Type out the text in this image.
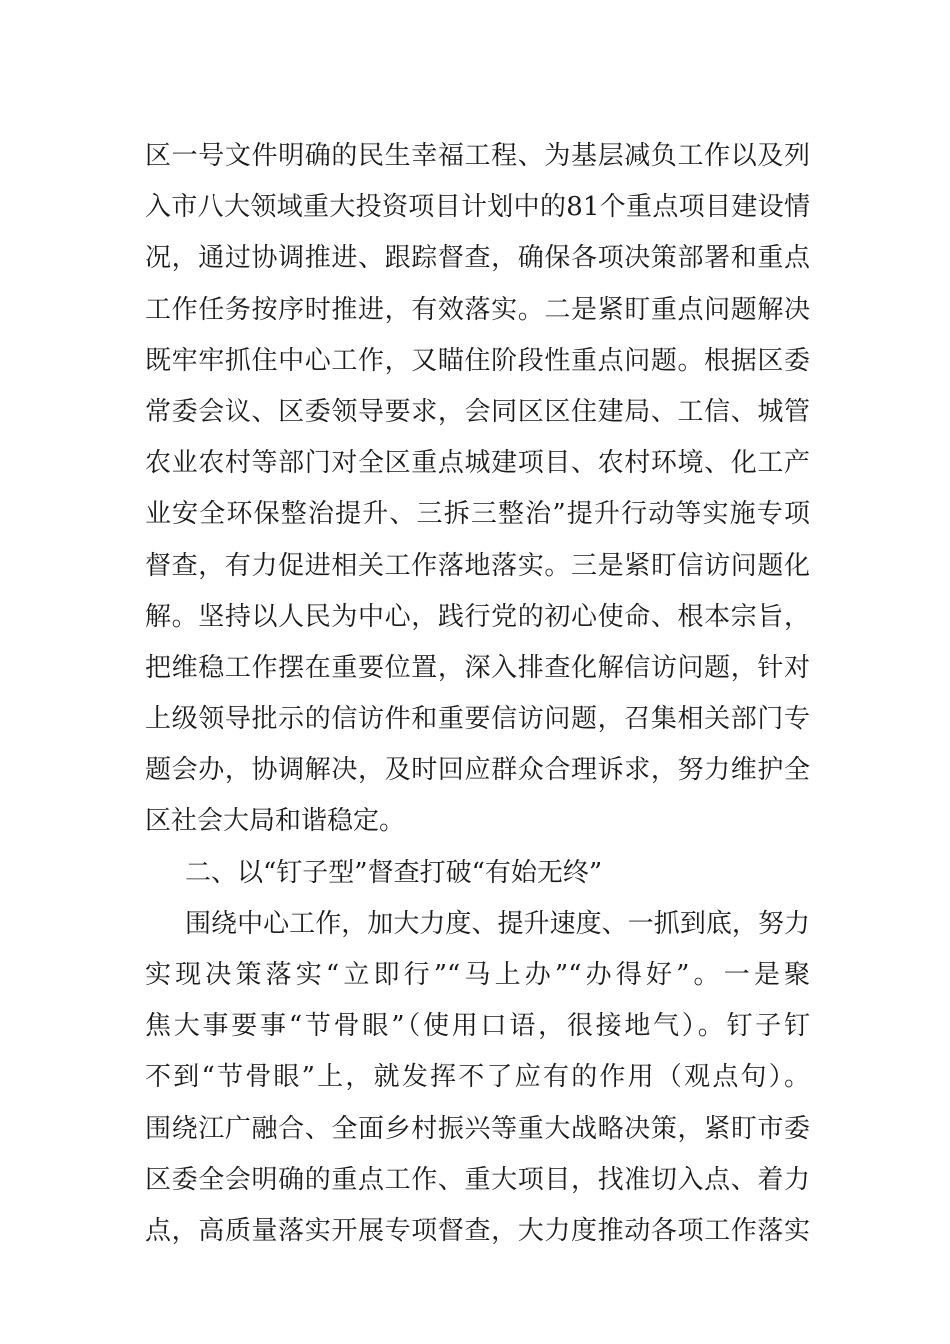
区一号文件明确的民生幸福工程、为基层减负工作以及列
入市八大领域重大投资项目计划中的81个重点项目建设情
况，通过协调推进、跟踪督查，确保各项决策部署和重点
工作任务按序时推进，有效落实。二是紧盯重点问题解决
既牢牢抓住中心工作，又瞄住阶段性重点问题。根据区委
常委会议、区委领导要求，会同区区住建局、工信、城管
农业农村等部门对全区重点城建项目、农村环境、化工产
业安全环保整治提升、三拆三整治”提升行动等实施专项
督查，有力促进相关工作落地落实。三是紧盯信访问题化
解。坚持以人民为中心，践行党的初心使命、根本宗旨，
把维稳工作摆在重要位置，深入排查化解信访问题，针对
上级领导批示的信访件和重要信访问题，召集相关部门专
题会办，协调解决，及时回应群众合理诉求，努力维护全
区社会大局和谐稳定。
二、以“钉子型”督查打破“有始无终”
围绕中心工作，加大力度、提升速度、一抓到底，努力
实现决策落实“立即行”“马上办”“办得好”。一是聚
焦大事要事“节骨眼”（使用口语，很接地气）。钉子钉
不到“节骨眼”上，就发挥不了应有的作用（观点句）。
围绕江广融合、全面乡村振兴等重大战略决策，紧盯市委
区委全会明确的重点工作、重大项目，找准切入点、着力
点，高质量落实开展专项督查，大力度推动各项工作落实
